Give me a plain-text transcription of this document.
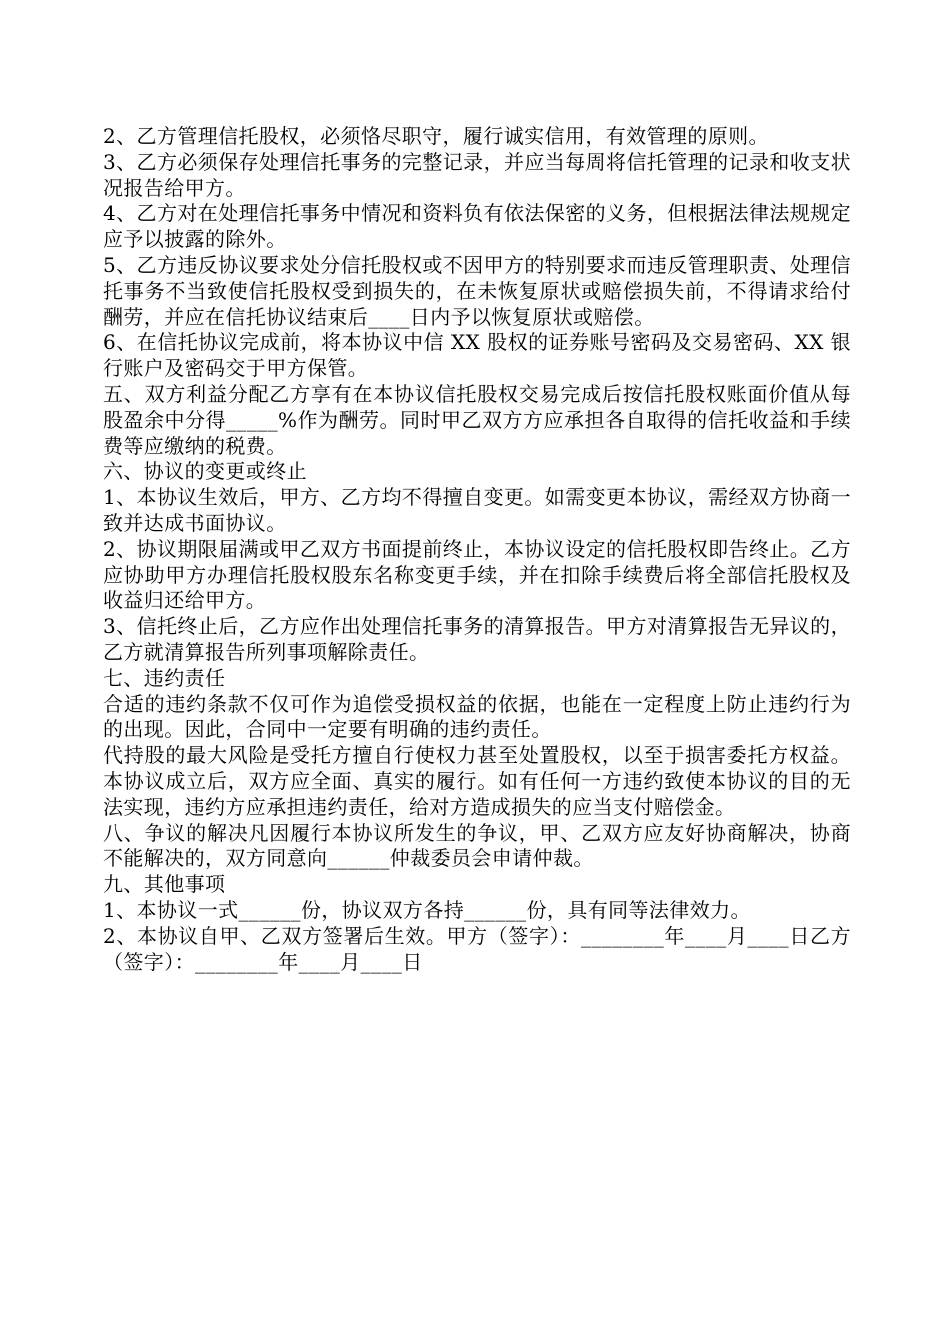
2、乙方管理信托股权，必须恪尽职守，履行诚实信用，有效管理的原则。

3、乙方必须保存处理信托事务的完整记录，并应当每周将信托管理的记录和收支状况报告给甲方。

4、乙方对在处理信托事务中情况和资料负有依法保密的义务，但根据法律法规规定应予以披露的除外。

5、乙方违反协议要求处分信托股权或不因甲方的特别要求而违反管理职责、处理信托事务不当致使信托股权受到损失的，在未恢复原状或赔偿损失前，不得请求给付酬劳，并应在信托协议结束后____日内予以恢复原状或赔偿。

6、在信托协议完成前，将本协议中信 XX 股权的证券账号密码及交易密码、XX 银行账户及密码交于甲方保管。

五、双方利益分配乙方享有在本协议信托股权交易完成后按信托股权账面价值从每股盈余中分得_____%作为酬劳。同时甲乙双方方应承担各自取得的信托收益和手续费等应缴纳的税费。

六、协议的变更或终止

1、本协议生效后，甲方、乙方均不得擅自变更。如需变更本协议，需经双方协商一致并达成书面协议。

2、协议期限届满或甲乙双方书面提前终止，本协议设定的信托股权即告终止。乙方应协助甲方办理信托股权股东名称变更手续，并在扣除手续费后将全部信托股权及收益归还给甲方。

3、信托终止后，乙方应作出处理信托事务的清算报告。甲方对清算报告无异议的，乙方就清算报告所列事项解除责任。

七、违约责任

合适的违约条款不仅可作为追偿受损权益的依据，也能在一定程度上防止违约行为的出现。因此，合同中一定要有明确的违约责任。

代持股的最大风险是受托方擅自行使权力甚至处置股权，以至于损害委托方权益。 本协议成立后，双方应全面、真实的履行。如有任何一方违约致使本协议的目的无法实现，违约方应承担违约责任，给对方造成损失的应当支付赔偿金。

八、争议的解决凡因履行本协议所发生的争议，甲、乙双方应友好协商解决，协商不能解决的，双方同意向______仲裁委员会申请仲裁。

九、其他事项

1、本协议一式______份，协议双方各持______份，具有同等法律效力。

2、本协议自甲、乙双方签署后生效。甲方（签字）：________年____月____日乙方（签字）：________年____月____日
